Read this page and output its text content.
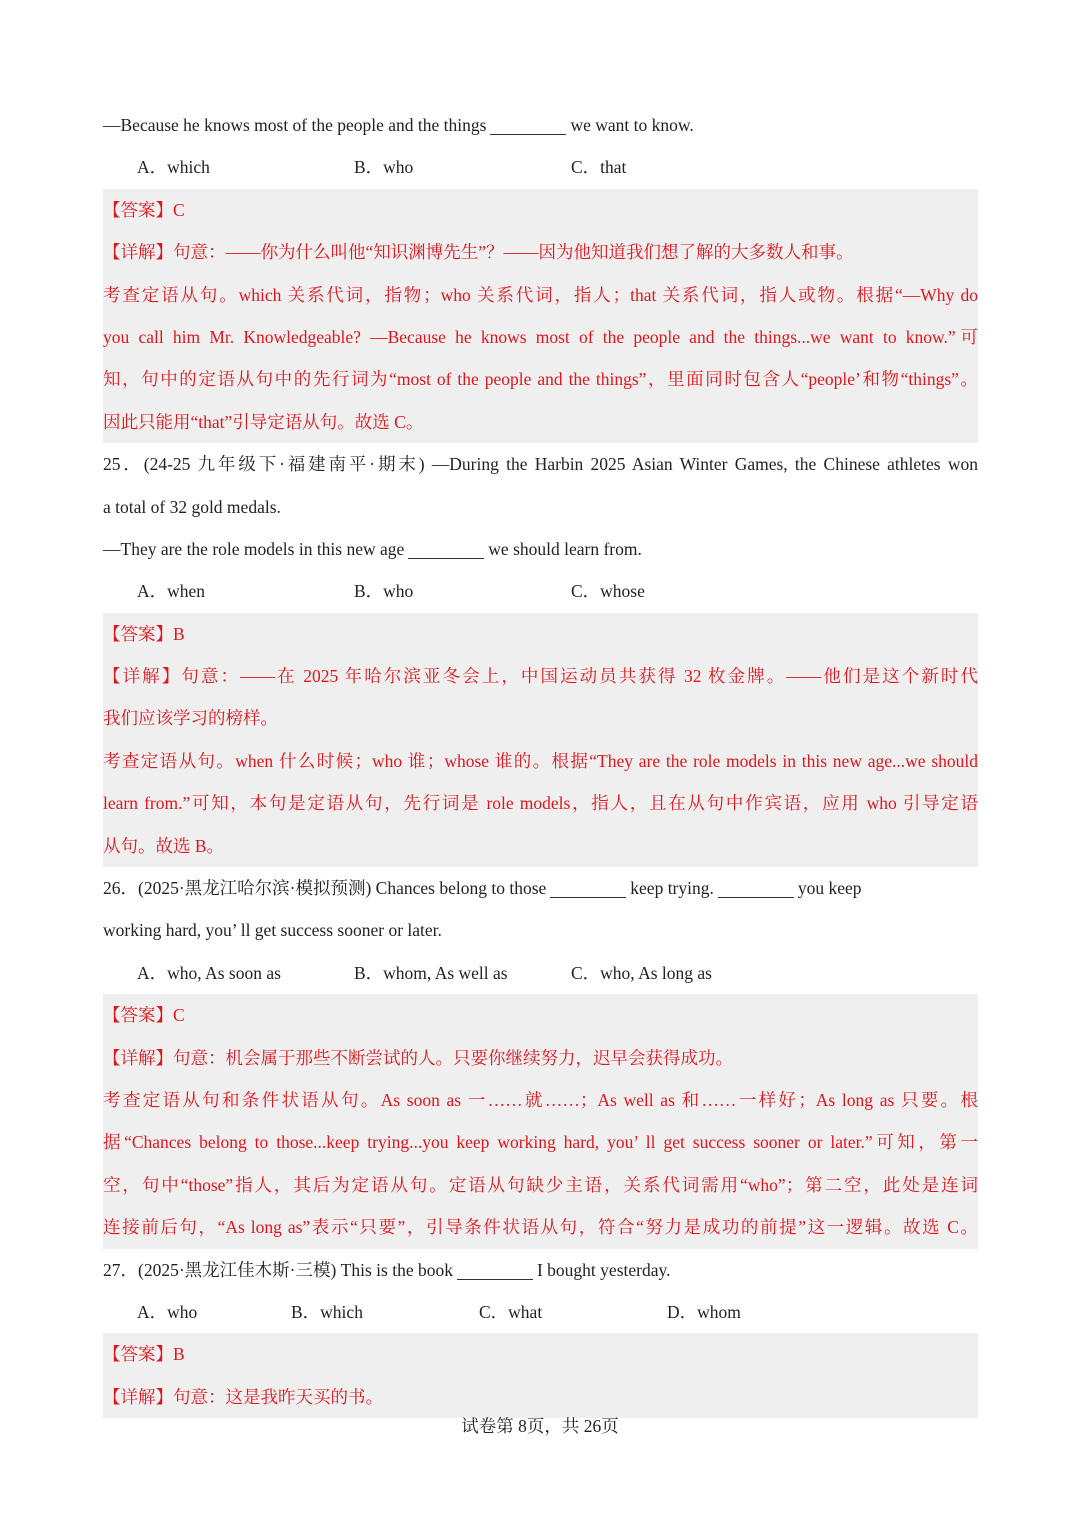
—Because he knows most of the people and the things	we want to know.
A．which	B．who	C．that
【答案】C
【详解】句意：——你为什么叫他“知识渊博先生”？——因为他知道我们想了解的大多数人和事。
考查定语从句。which 关系代词，指物；who 关系代词，指人；that 关系代词，指人或物。根据“—Why do
you call him Mr. Knowledgeable? —Because he knows most of the people and the things...we want to know.”可
知，句中的定语从句中的先行词为“most of the people and the things”，里面同时包含人“people’和物“things”。
因此只能用“that”引导定语从句。故选 C。
25．(24-25 九年级下·福建南平·期末) —During the Harbin 2025 Asian Winter Games, the Chinese athletes won
a total of 32 gold medals.
—They are the role models in this new age	we should learn from.
A．when	B．who	C．whose
【答案】B
【详解】句意：——在 2025 年哈尔滨亚冬会上，中国运动员共获得 32 枚金牌。——他们是这个新时代
我们应该学习的榜样。
考查定语从句。when 什么时候；who 谁；whose 谁的。根据“They are the role models in this new age...we should
learn from.”可知，本句是定语从句，先行词是 role models，指人，且在从句中作宾语，应用 who 引导定语
从句。故选 B。
26．(2025·黑龙江哈尔滨·模拟预测) Chances belong to those	keep trying.	you keep
working hard, you’ ll get success sooner or later.
A．who, As soon as	B．whom, As well as	C．who, As long as
【答案】C
【详解】句意：机会属于那些不断尝试的人。只要你继续努力，迟早会获得成功。
考查定语从句和条件状语从句。As soon as 一……就……；As well as 和……一样好；As long as 只要。根
据“Chances belong to those...keep trying...you keep working hard, you’ ll get success sooner or later.”可知，第一
空，句中“those”指人，其后为定语从句。定语从句缺少主语，关系代词需用“who”；第二空，此处是连词
连接前后句，“As long as”表示“只要”，引导条件状语从句，符合“努力是成功的前提”这一逻辑。故选 C。
27．(2025·黑龙江佳木斯·三模) This is the book	I bought yesterday.
A．who	B．which	C．what	D．whom
【答案】B
【详解】句意：这是我昨天买的书。
试卷第 8页，共 26页
